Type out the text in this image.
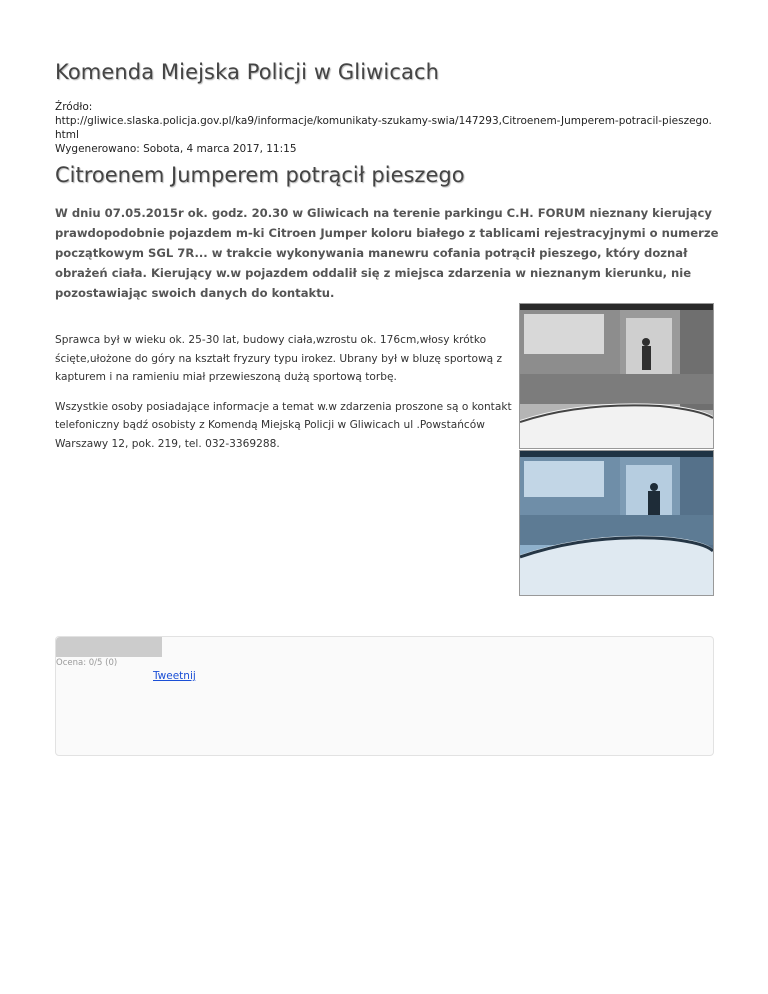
Komenda Miejska Policji w Gliwicach
Źródło:
http://gliwice.slaska.policja.gov.pl/ka9/informacje/komunikaty-szukamy-swia/147293,Citroenem-Jumperem-potracil-pieszego.
html
Wygenerowano: Sobota, 4 marca 2017, 11:15
Citroenem Jumperem potrącił pieszego

W dniu 07.05.2015r ok. godz. 20.30 w Gliwicach na terenie parkingu C.H. FORUM nieznany kierujący prawdopodobnie pojazdem m-ki Citroen Jumper koloru białego z tablicami rejestracyjnymi o numerze początkowym SGL 7R... w trakcie wykonywania manewru cofania potrącił pieszego, który doznał obrażeń ciała. Kierujący w.w pojazdem oddalił się z miejsca zdarzenia w nieznanym kierunku, nie pozostawiając swoich danych do kontaktu.

Sprawca był w wieku ok. 25-30 lat, budowy ciała,wzrostu ok. 176cm,włosy krótko ścięte,ułożone do góry na kształt fryzury typu irokez. Ubrany był w bluzę sportową z kapturem i na ramieniu miał przewieszoną dużą sportową torbę.

Wszystkie osoby posiadające informacje a temat w.w zdarzenia proszone są o kontakt telefoniczny bądź osobisty z Komendą Miejską Policji w Gliwicach ul .Powstańców Warszawy 12, pok. 219, tel. 032-3369288.

Ocena: 0/5 (0)
Tweetnij
